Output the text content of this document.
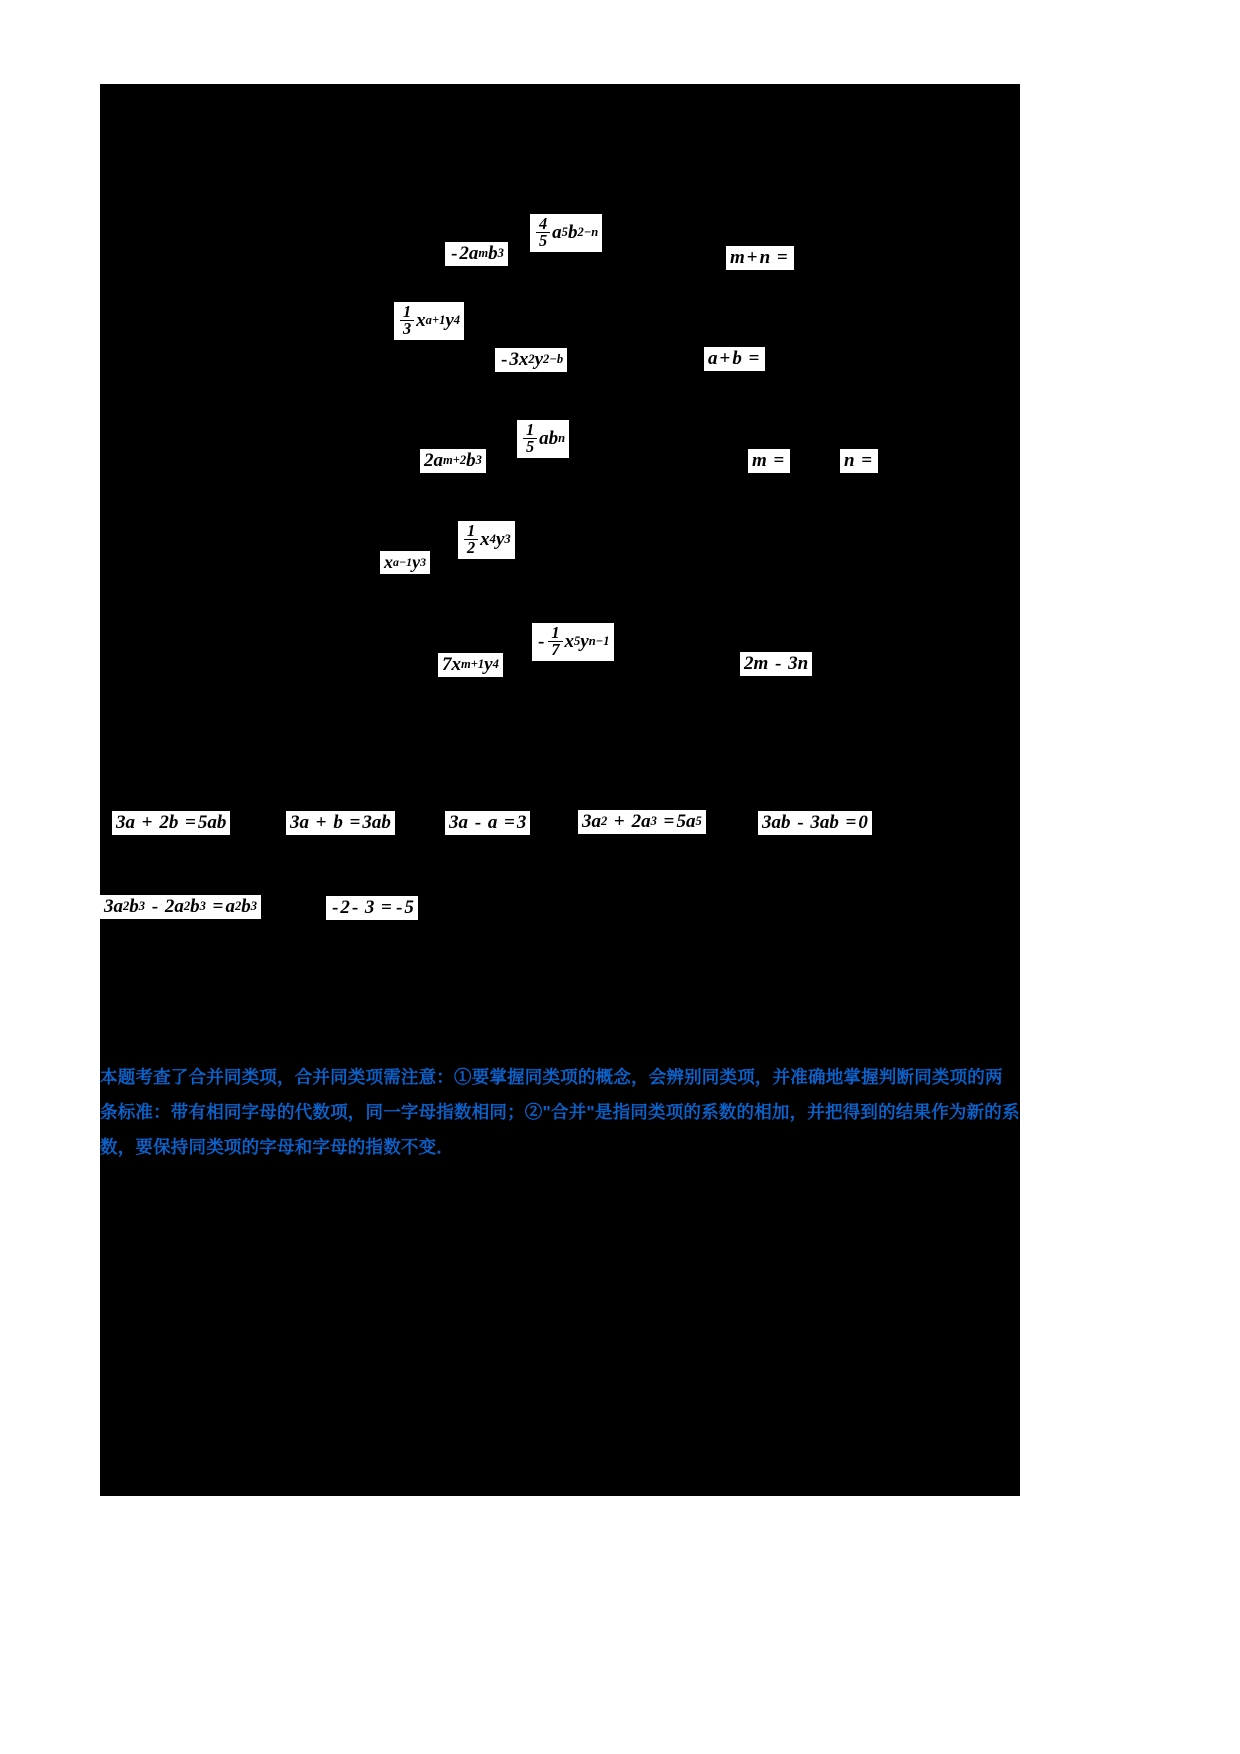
- 2 a m b 3
$\frac{4}{5}$ a 5 b 2−n
m + n
=
$\frac{1}{3}$ x a+1 y 4
- 3 x 2 y 2−b	a + b
=
2 a m+2 b 3
$\frac{1}{5}$ ab n
m
=	n
=
x a−1 y 3
$\frac{1}{2}$ x 4 y 3
7 x m+1 y 4
- $\frac{1}{7}$ x 5 y n−1
2 m
- 3 n
3 a
+ 2 b
= 5 ab	3 a
+
b
= 3 ab	3 a
-
a
= 3	3 a 2
+ 2 a 3
= 5 a 5	3 ab
- 3 ab
= 0
3 a 2 b 3
- 2 a 2 b 3
= a 2 b 3	- 2 - 3 = - 5
本题考查了合并同类项，合并同类项需注意：①要掌握同类项的概念，会辨别同类项，并准确地掌握判断同类项的两条标准：带有相同字母的代数项，同一字母指数相同；②"合并"是指同类项的系数的相加，并把得到的结果作为新的系数，要保持同类项的字母和字母的指数不变．
